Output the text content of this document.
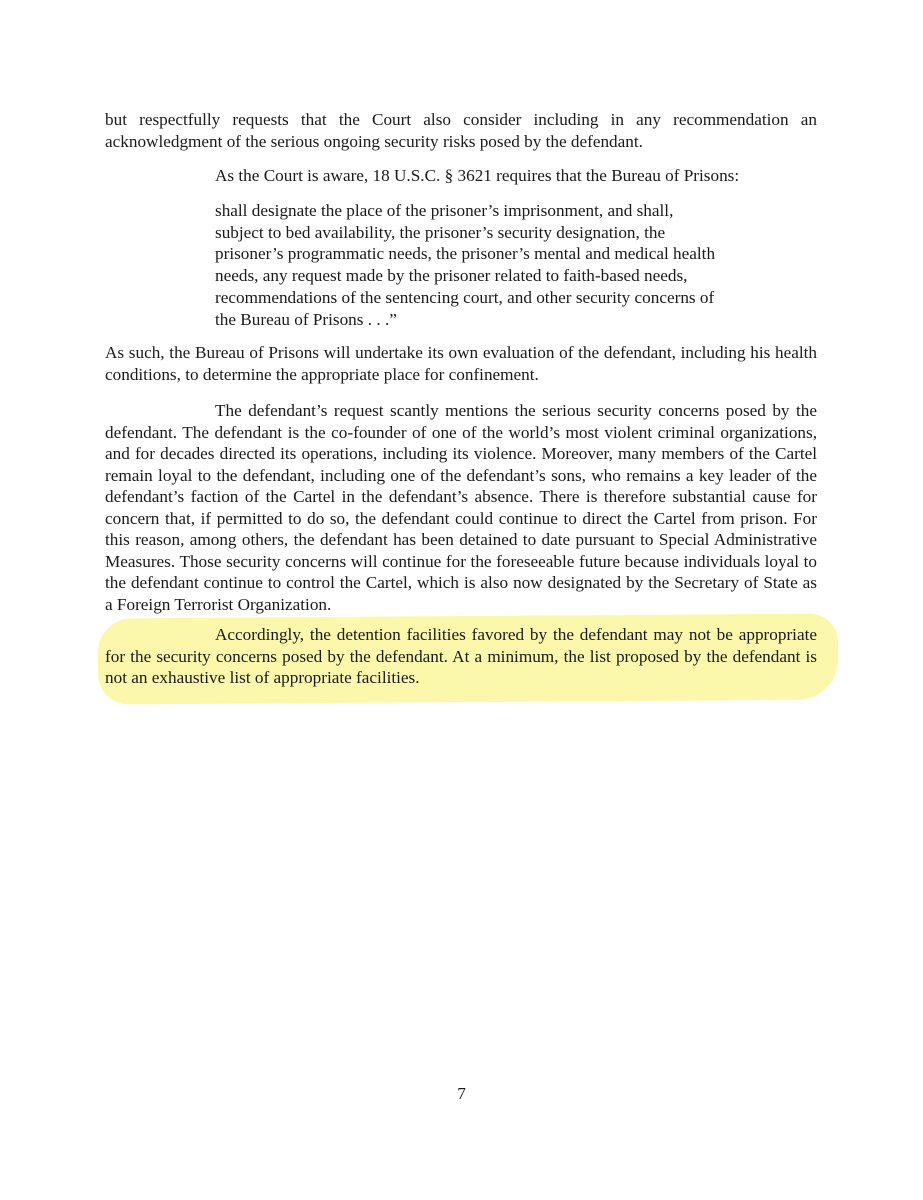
but respectfully requests that the Court also consider including in any recommendation an acknowledgment of the serious ongoing security risks posed by the defendant.
As the Court is aware, 18 U.S.C. § 3621 requires that the Bureau of Prisons:
shall designate the place of the prisoner’s imprisonment, and shall, subject to bed availability, the prisoner’s security designation, the prisoner’s programmatic needs, the prisoner’s mental and medical health needs, any request made by the prisoner related to faith-based needs, recommendations of the sentencing court, and other security concerns of the Bureau of Prisons . . .”
As such, the Bureau of Prisons will undertake its own evaluation of the defendant, including his health conditions, to determine the appropriate place for confinement.
The defendant’s request scantly mentions the serious security concerns posed by the defendant. The defendant is the co-founder of one of the world’s most violent criminal organizations, and for decades directed its operations, including its violence. Moreover, many members of the Cartel remain loyal to the defendant, including one of the defendant’s sons, who remains a key leader of the defendant’s faction of the Cartel in the defendant’s absence. There is therefore substantial cause for concern that, if permitted to do so, the defendant could continue to direct the Cartel from prison. For this reason, among others, the defendant has been detained to date pursuant to Special Administrative Measures. Those security concerns will continue for the foreseeable future because individuals loyal to the defendant continue to control the Cartel, which is also now designated by the Secretary of State as a Foreign Terrorist Organization.
Accordingly, the detention facilities favored by the defendant may not be appropriate for the security concerns posed by the defendant. At a minimum, the list proposed by the defendant is not an exhaustive list of appropriate facilities.
7
